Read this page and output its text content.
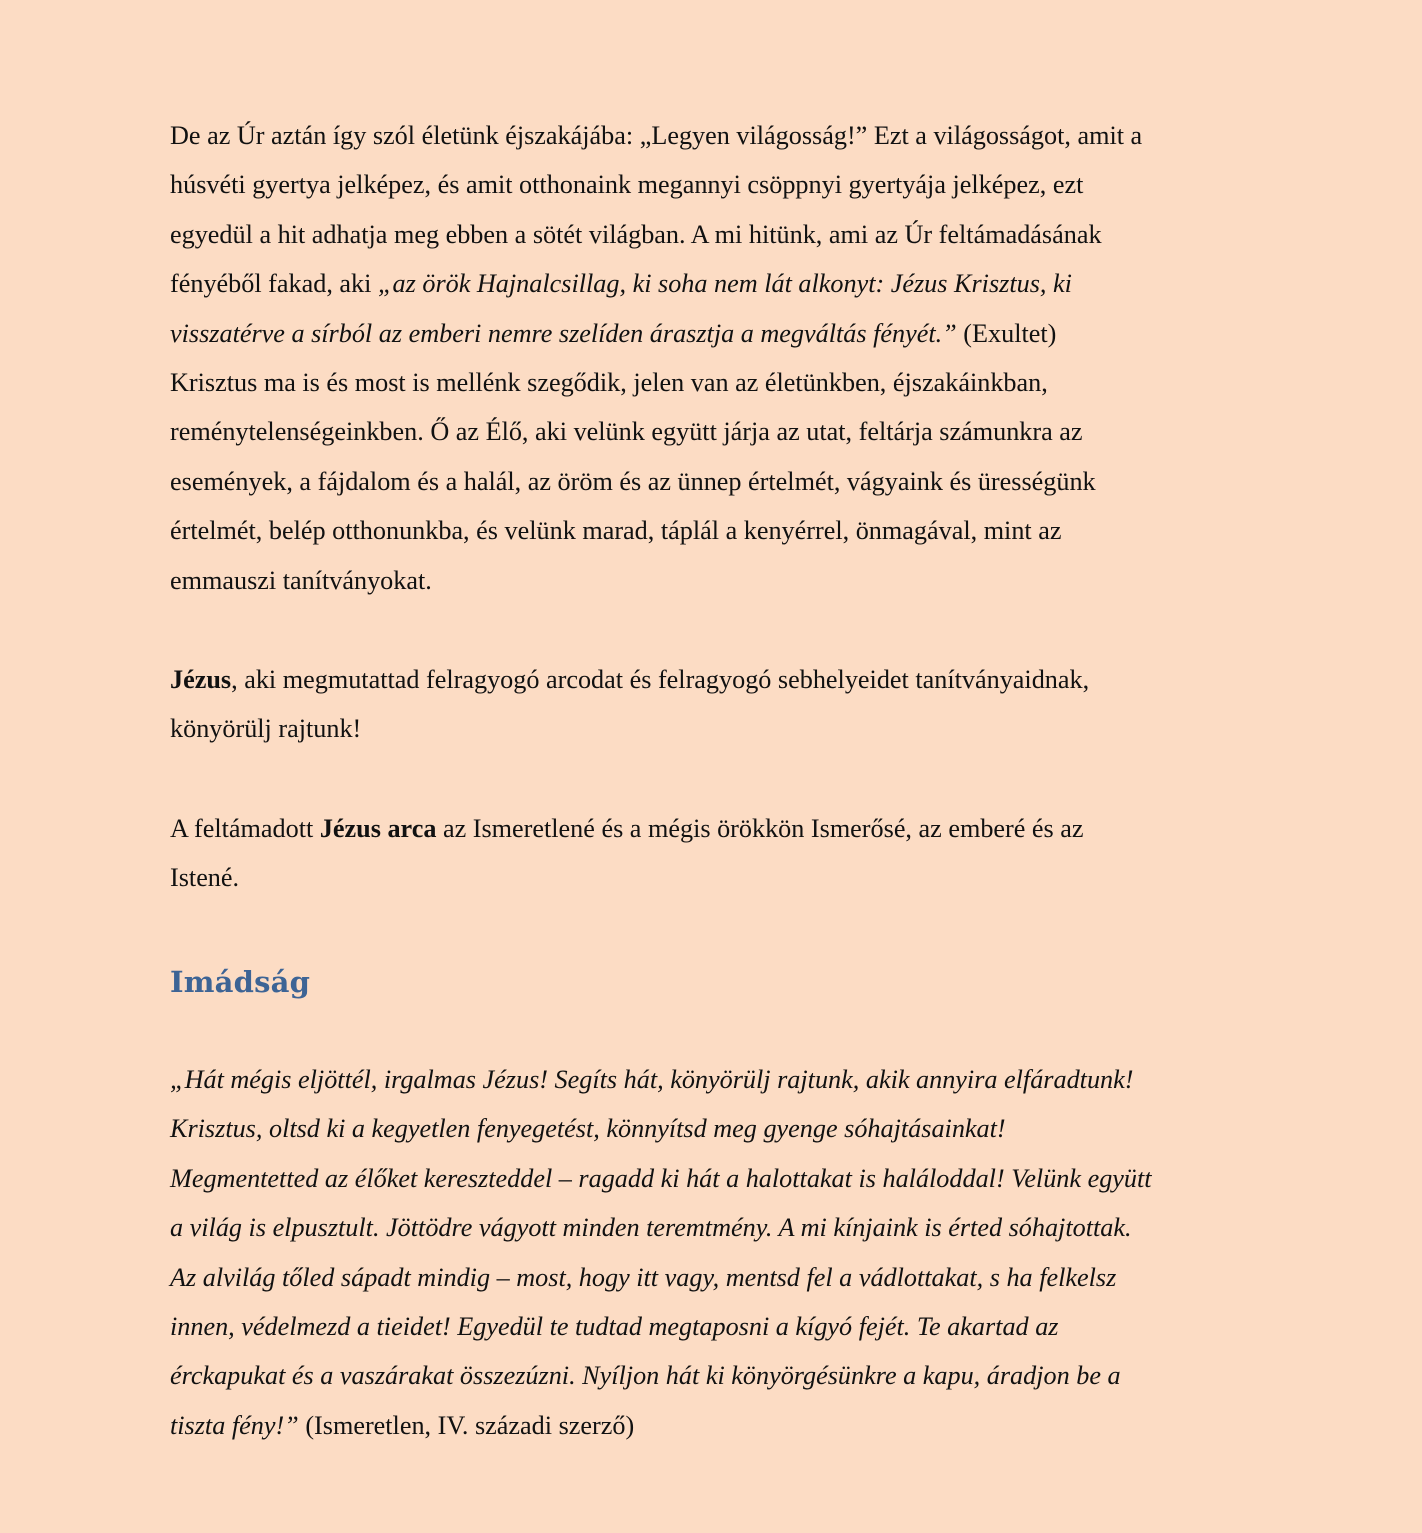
De az Úr aztán így szól életünk éjszakájába: „Legyen világosság!” Ezt a világosságot, amit a
húsvéti gyertya jelképez, és amit otthonaink megannyi csöppnyi gyertyája jelképez, ezt
egyedül a hit adhatja meg ebben a sötét világban. A mi hitünk, ami az Úr feltámadásának
fényéből fakad, aki „az örök Hajnalcsillag, ki soha nem lát alkonyt: Jézus Krisztus, ki
visszatérve a sírból az emberi nemre szelíden árasztja a megváltás fényét.” (Exultet)
Krisztus ma is és most is mellénk szegődik, jelen van az életünkben, éjszakáinkban,
reménytelenségeinkben. Ő az Élő, aki velünk együtt járja az utat, feltárja számunkra az
események, a fájdalom és a halál, az öröm és az ünnep értelmét, vágyaink és ürességünk
értelmét, belép otthonunkba, és velünk marad, táplál a kenyérrel, önmagával, mint az
emmauszi tanítványokat.
Jézus, aki megmutattad felragyogó arcodat és felragyogó sebhelyeidet tanítványaidnak,
könyörülj rajtunk!
A feltámadott Jézus arca az Ismeretlené és a mégis örökkön Ismerősé, az emberé és az
Istené.
Imádság
„Hát mégis eljöttél, irgalmas Jézus! Segíts hát, könyörülj rajtunk, akik annyira elfáradtunk!
Krisztus, oltsd ki a kegyetlen fenyegetést, könnyítsd meg gyenge sóhajtásainkat!
Megmentetted az élőket kereszteddel – ragadd ki hát a halottakat is haláloddal! Velünk együtt
a világ is elpusztult. Jöttödre vágyott minden teremtmény. A mi kínjaink is érted sóhajtottak.
Az alvilág tőled sápadt mindig – most, hogy itt vagy, mentsd fel a vádlottakat, s ha felkelsz
innen, védelmezd a tieidet! Egyedül te tudtad megtaposni a kígyó fejét. Te akartad az
érckapukat és a vaszárakat összezúzni. Nyíljon hát ki könyörgésünkre a kapu, áradjon be a
tiszta fény!” (Ismeretlen, IV. századi szerző)
